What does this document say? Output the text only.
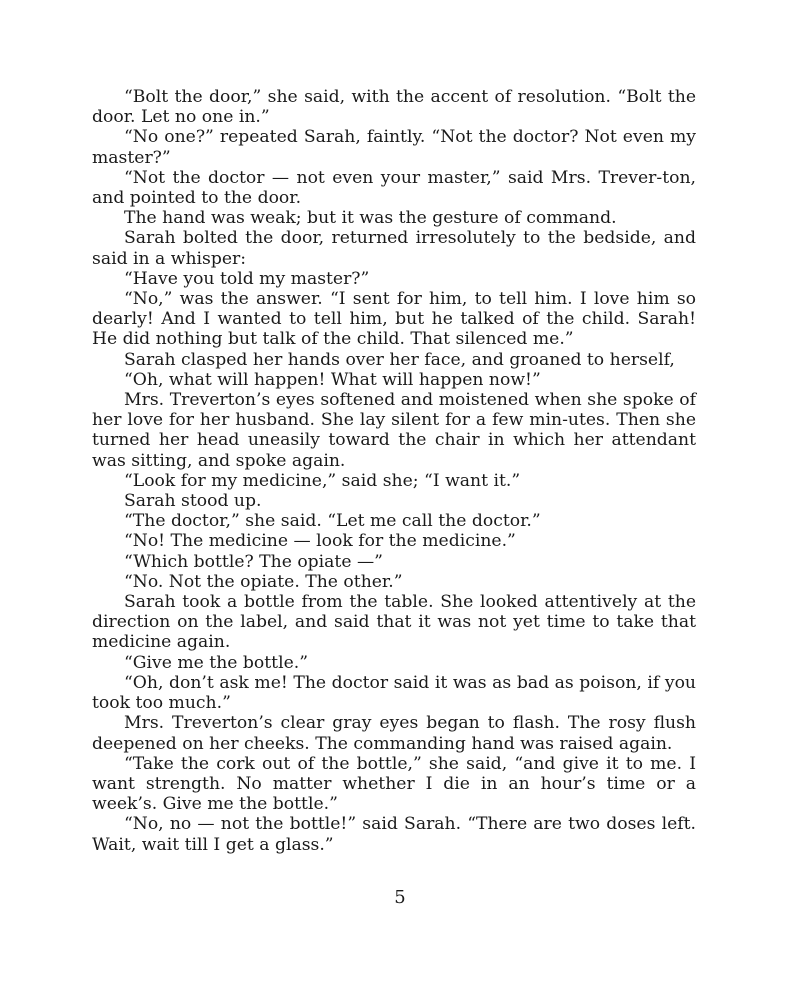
“Bolt the door,” she said, with the accent of resolution. “Bolt the door. Let no one in.”

“No one?” repeated Sarah, faintly. “Not the doctor? Not even my master?”

“Not the doctor — not even your master,” said Mrs. Trever-ton, and pointed to the door.

The hand was weak; but it was the gesture of command.

Sarah bolted the door, returned irresolutely to the bedside, and said in a whisper:

“Have you told my master?”

“No,” was the answer. “I sent for him, to tell him. I love him so dearly! And I wanted to tell him, but he talked of the child. Sarah! He did nothing but talk of the child. That silenced me.”

Sarah clasped her hands over her face, and groaned to herself,

“Oh, what will happen! What will happen now!”

Mrs. Treverton’s eyes softened and moistened when she spoke of her love for her husband. She lay silent for a few min-utes. Then she turned her head uneasily toward the chair in which her attendant was sitting, and spoke again.

“Look for my medicine,” said she; “I want it.”

Sarah stood up.

“The doctor,” she said. “Let me call the doctor.”

“No! The medicine — look for the medicine.”

“Which bottle? The opiate —”

“No. Not the opiate. The other.”

Sarah took a bottle from the table. She looked attentively at the direction on the label, and said that it was not yet time to take that medicine again.

“Give me the bottle.”

“Oh, don’t ask me! The doctor said it was as bad as poison, if you took too much.”

Mrs. Treverton’s clear gray eyes began to flash. The rosy flush deepened on her cheeks. The commanding hand was raised again.

“Take the cork out of the bottle,” she said, “and give it to me. I want strength. No matter whether I die in an hour’s time or a week’s. Give me the bottle.”

“No, no — not the bottle!” said Sarah. “There are two doses left. Wait, wait till I get a glass.”

5
